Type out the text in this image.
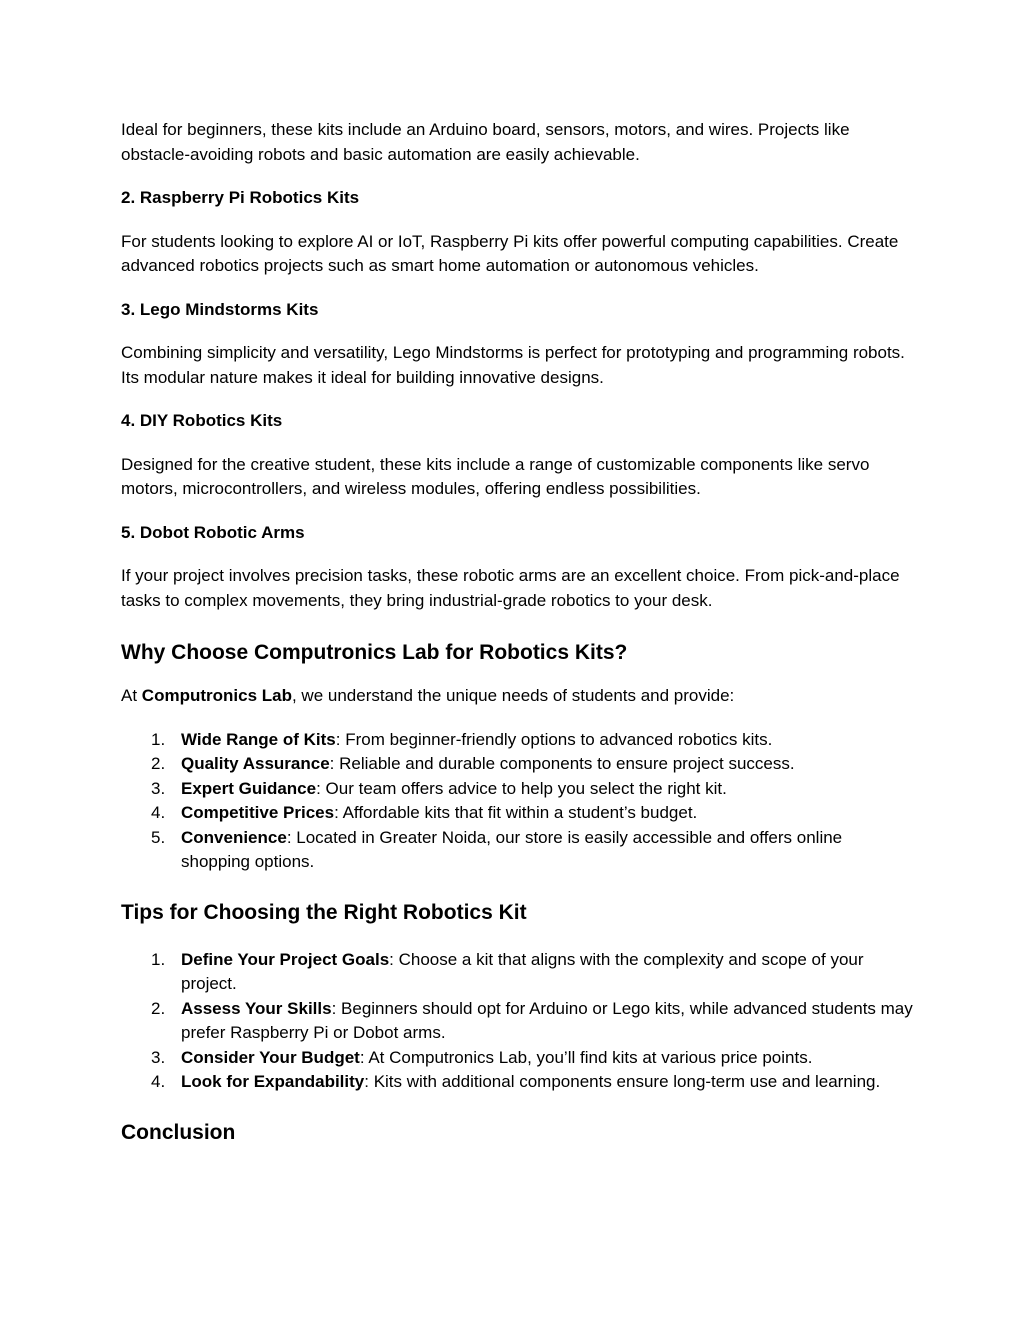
Ideal for beginners, these kits include an Arduino board, sensors, motors, and wires. Projects like obstacle-avoiding robots and basic automation are easily achievable.

2. Raspberry Pi Robotics Kits

For students looking to explore AI or IoT, Raspberry Pi kits offer powerful computing capabilities. Create advanced robotics projects such as smart home automation or autonomous vehicles.

3. Lego Mindstorms Kits

Combining simplicity and versatility, Lego Mindstorms is perfect for prototyping and programming robots. Its modular nature makes it ideal for building innovative designs.

4. DIY Robotics Kits

Designed for the creative student, these kits include a range of customizable components like servo motors, microcontrollers, and wireless modules, offering endless possibilities.

5. Dobot Robotic Arms

If your project involves precision tasks, these robotic arms are an excellent choice. From pick-and-place tasks to complex movements, they bring industrial-grade robotics to your desk.

Why Choose Computronics Lab for Robotics Kits?

At Computronics Lab, we understand the unique needs of students and provide:

1. Wide Range of Kits: From beginner-friendly options to advanced robotics kits.
2. Quality Assurance: Reliable and durable components to ensure project success.
3. Expert Guidance: Our team offers advice to help you select the right kit.
4. Competitive Prices: Affordable kits that fit within a student’s budget.
5. Convenience: Located in Greater Noida, our store is easily accessible and offers online shopping options.
Tips for Choosing the Right Robotics Kit
1. Define Your Project Goals: Choose a kit that aligns with the complexity and scope of your project.
2. Assess Your Skills: Beginners should opt for Arduino or Lego kits, while advanced students may prefer Raspberry Pi or Dobot arms.
3. Consider Your Budget: At Computronics Lab, you’ll find kits at various price points.
4. Look for Expandability: Kits with additional components ensure long-term use and learning.
Conclusion
